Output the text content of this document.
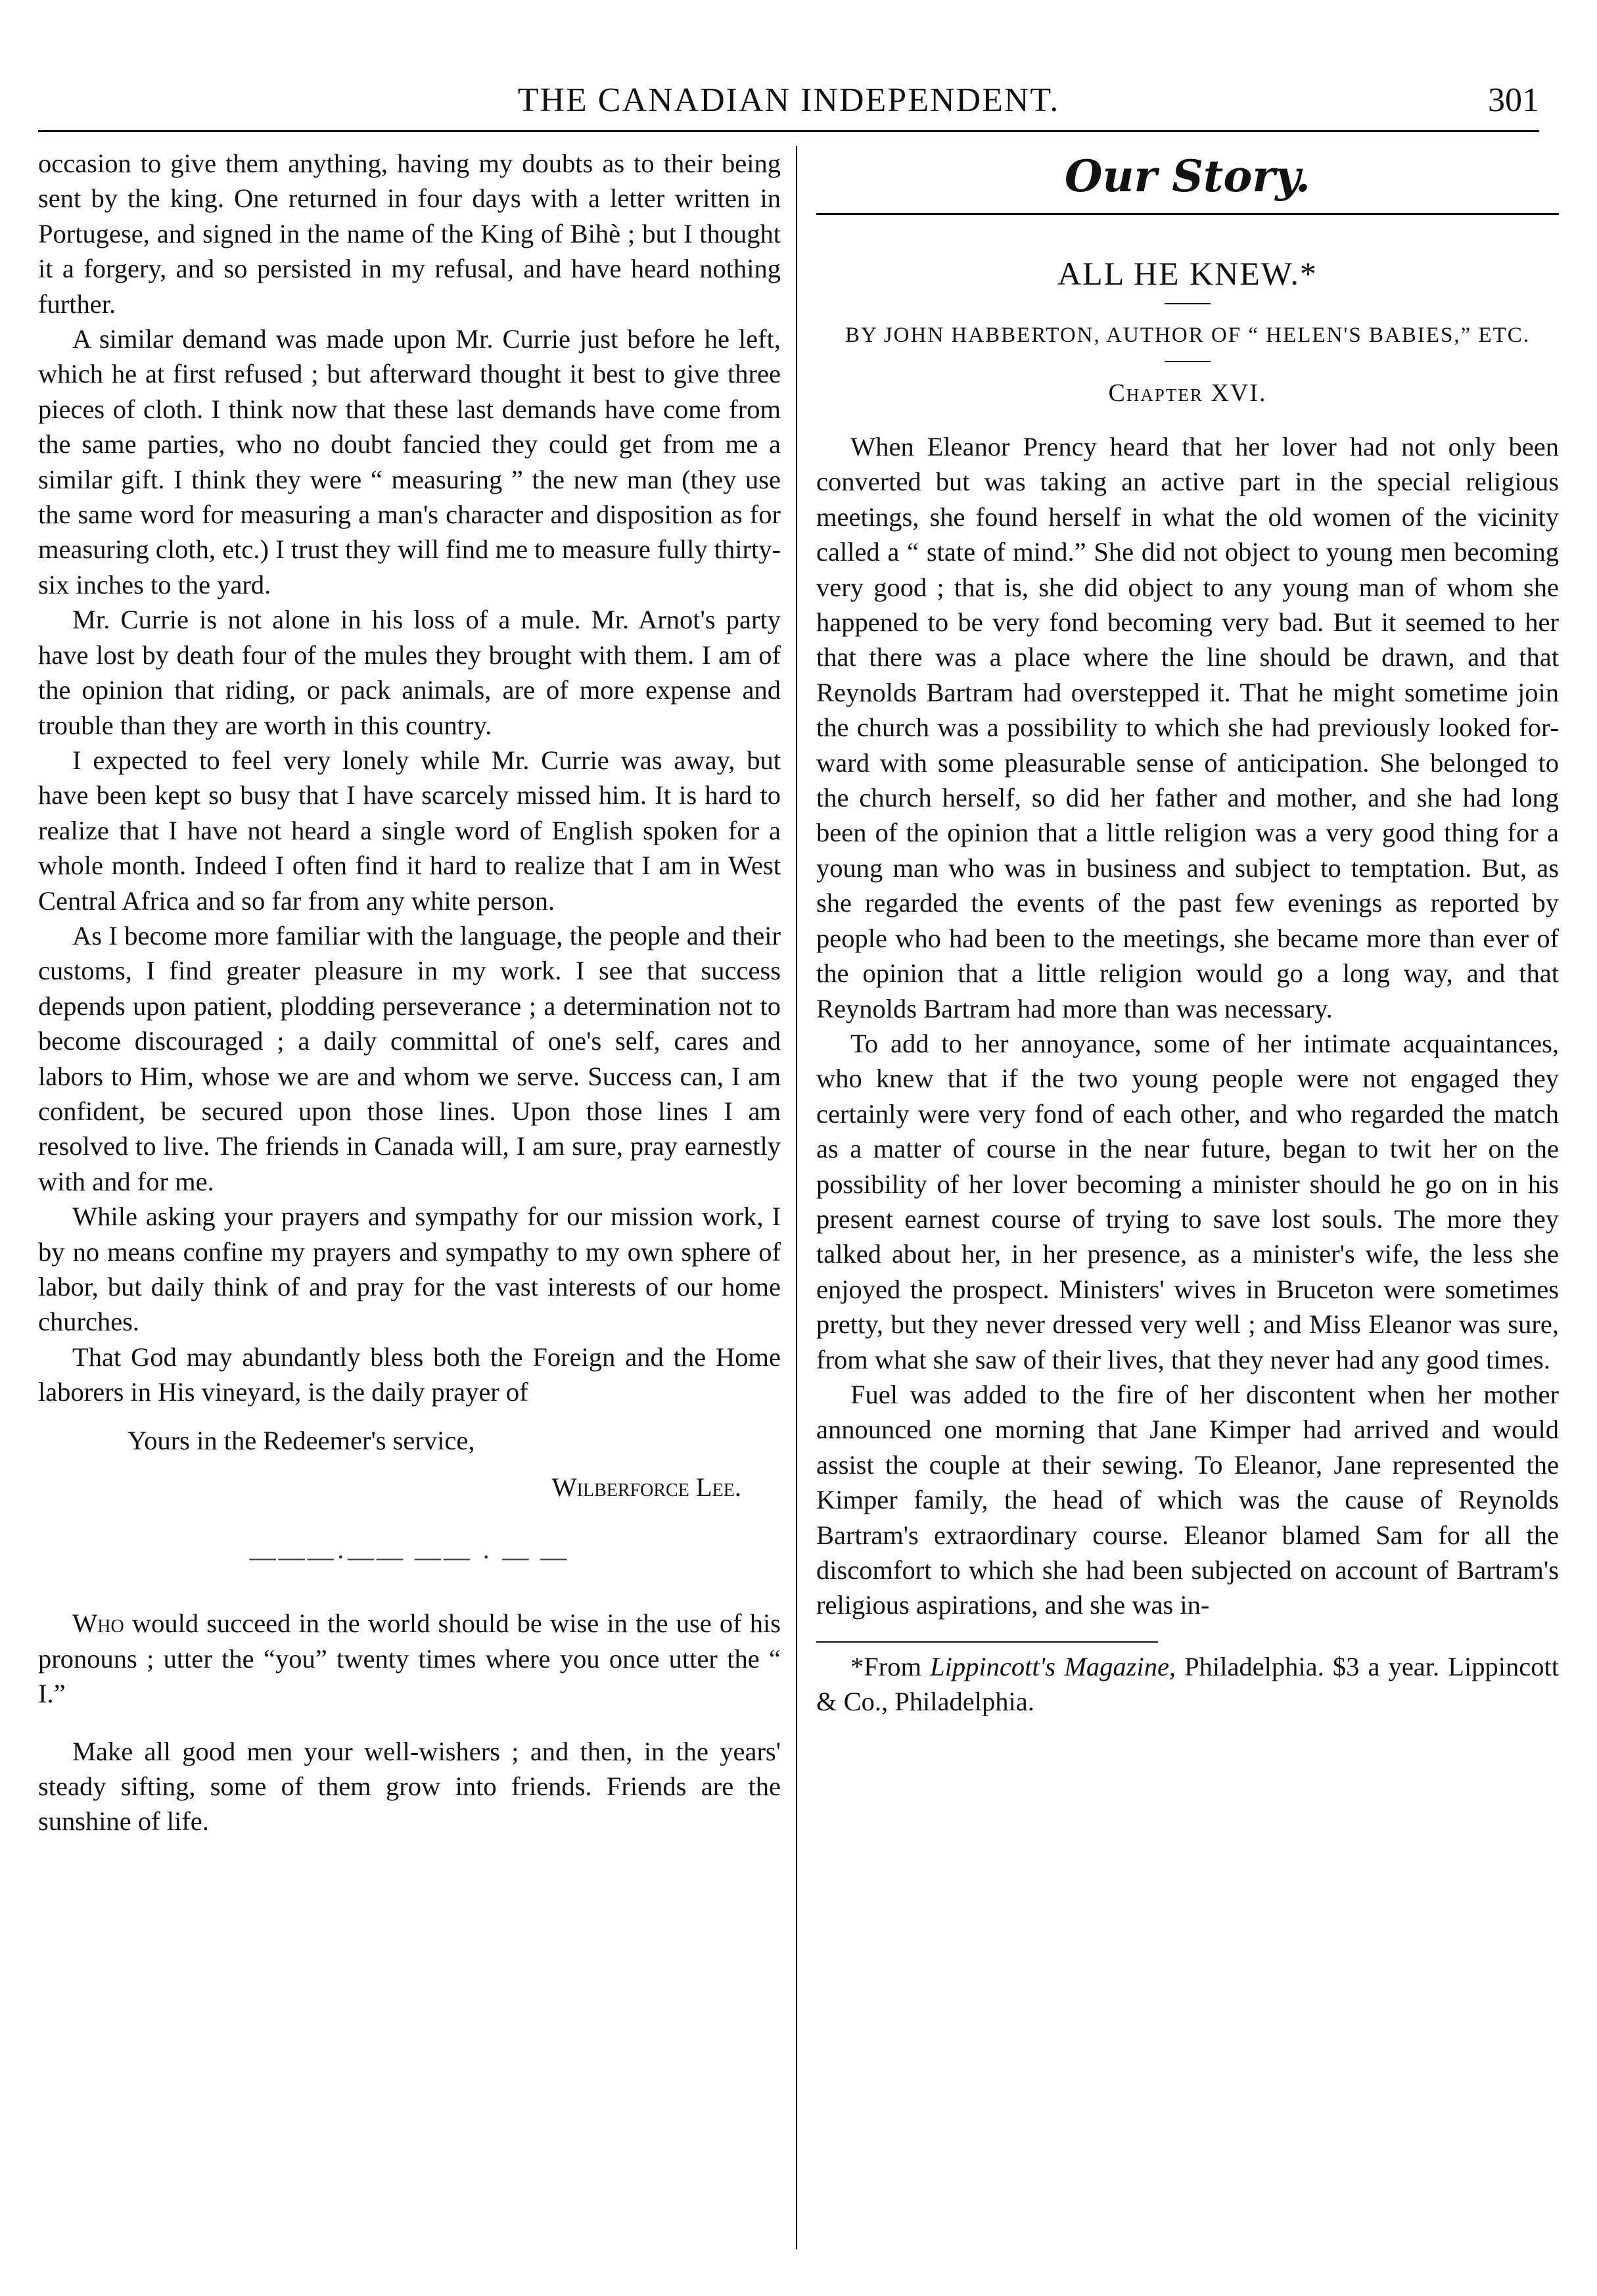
THE CANADIAN INDEPENDENT.	301

occasion to give them anything, having my doubts as to their being sent by the king. One returned in four days with a letter written in Portugese, and signed in the name of the King of Bihè ; but I thought it a forgery, and so persisted in my refusal, and have heard nothing further.

A similar demand was made upon Mr. Currie just before he left, which he at first refused ; but afterward thought it best to give three pieces of cloth. I think now that these last demands have come from the same parties, who no doubt fancied they could get from me a similar gift. I think they were “ measuring ” the new man (they use the same word for measuring a man's character and disposition as for measuring cloth, etc.) I trust they will find me to measure fully thirty-six inches to the yard.

Mr. Currie is not alone in his loss of a mule. Mr. Arnot's party have lost by death four of the mules they brought with them. I am of the opinion that riding, or pack animals, are of more expense and trouble than they are worth in this country.

I expected to feel very lonely while Mr. Currie was away, but have been kept so busy that I have scarcely missed him. It is hard to realize that I have not heard a single word of English spoken for a whole month. Indeed I often find it hard to realize that I am in West Central Africa and so far from any white person.

As I become more familiar with the language, the people and their customs, I find greater pleasure in my work. I see that success depends upon patient, plodding perseverance ; a determination not to become discouraged ; a daily committal of one's self, cares and labors to Him, whose we are and whom we serve. Success can, I am confident, be secured upon those lines. Upon those lines I am resolved to live. The friends in Canada will, I am sure, pray earnestly with and for me.

While asking your prayers and sympathy for our mission work, I by no means confine my prayers and sympathy to my own sphere of labor, but daily think of and pray for the vast interests of our home churches.

That God may abundantly bless both the Foreign and the Home laborers in His vineyard, is the daily prayer of

Yours in the Redeemer's service,
Wilberforce Lee.
———·—— —— · — —

Who would succeed in the world should be wise in the use of his pronouns ; utter the “you” twenty times where you once utter the “ I.”

Make all good men your well-wishers ; and then, in the years' steady sifting, some of them grow into friends. Friends are the sunshine of life.

Our Story.
ALL HE KNEW.*
BY JOHN HABBERTON, AUTHOR OF “ HELEN'S BABIES,” ETC.
Chapter XVI.

When Eleanor Prency heard that her lover had not only been converted but was taking an active part in the special religious meetings, she found herself in what the old women of the vicinity called a “ state of mind.” She did not object to young men becoming very good ; that is, she did object to any young man of whom she happened to be very fond becoming very bad. But it seemed to her that there was a place where the line should be drawn, and that Reynolds Bartram had overstepped it. That he might sometime join the church was a possibility to which she had previously looked forward with some pleasurable sense of anticipation. She belonged to the church herself, so did her father and mother, and she had long been of the opinion that a little religion was a very good thing for a young man who was in business and subject to temptation. But, as she regarded the events of the past few evenings as reported by people who had been to the meetings, she became more than ever of the opinion that a little religion would go a long way, and that Reynolds Bartram had more than was necessary.

To add to her annoyance, some of her intimate acquaintances, who knew that if the two young people were not engaged they certainly were very fond of each other, and who regarded the match as a matter of course in the near future, began to twit her on the possibility of her lover becoming a minister should he go on in his present earnest course of trying to save lost souls. The more they talked about her, in her presence, as a minister's wife, the less she enjoyed the prospect. Ministers' wives in Bruceton were sometimes pretty, but they never dressed very well ; and Miss Eleanor was sure, from what she saw of their lives, that they never had any good times.

Fuel was added to the fire of her discontent when her mother announced one morning that Jane Kimper had arrived and would assist the couple at their sewing. To Eleanor, Jane represented the Kimper family, the head of which was the cause of Reynolds Bartram's extraordinary course. Eleanor blamed Sam for all the discomfort to which she had been subjected on account of Bartram's religious aspirations, and she was in-

*From Lippincott's Magazine, Philadelphia. $3 a year. Lippincott & Co., Philadelphia.
